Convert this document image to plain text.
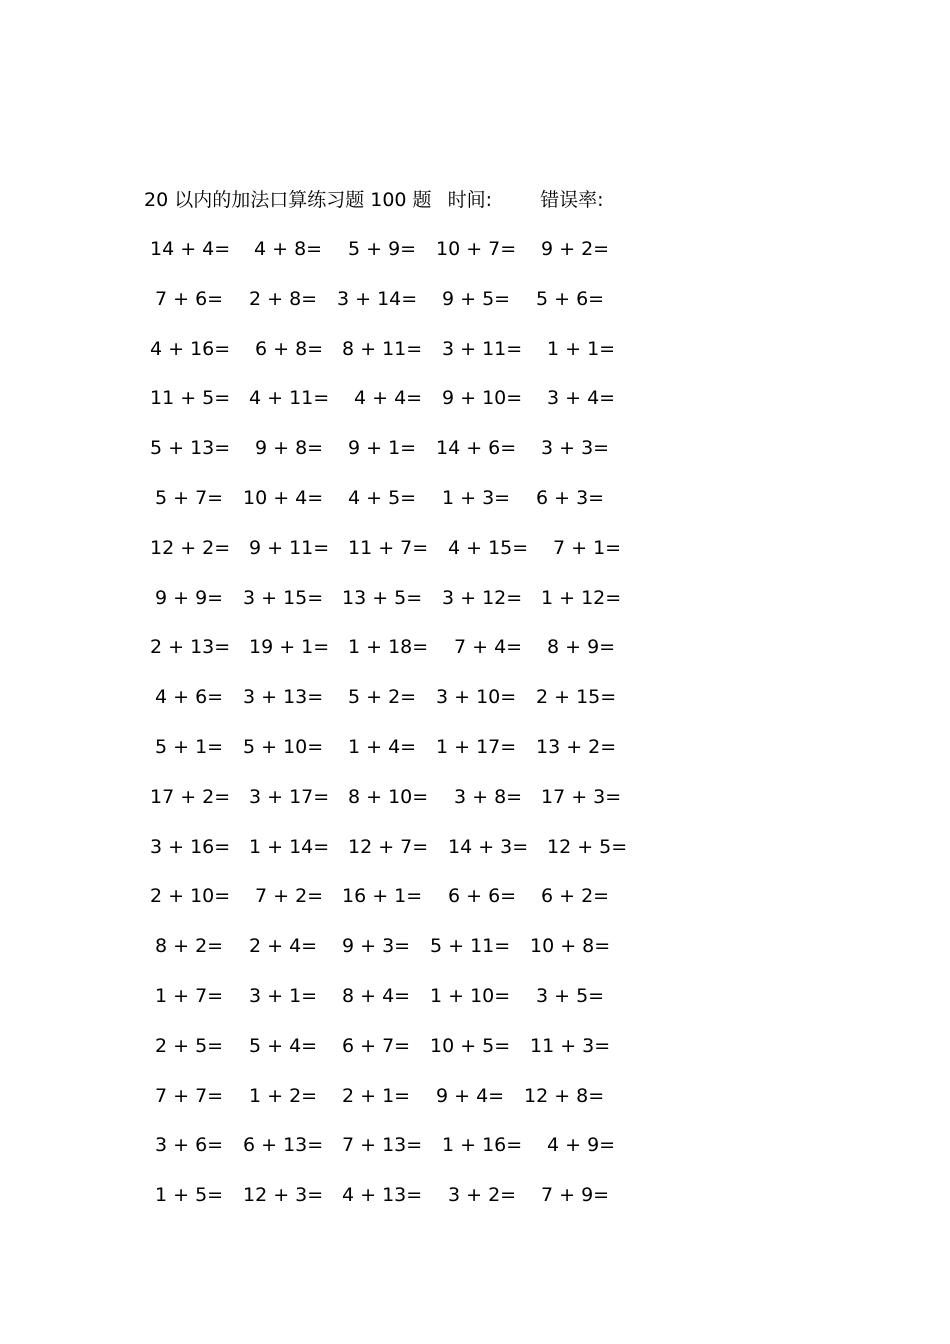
20 以内的加法口算练习题 100 题 时间:	错误率:
14 + 4= 4 + 8= 5 + 9= 10 + 7= 9 + 2=
7 + 6= 2 + 8= 3 + 14= 9 + 5= 5 + 6=
4 + 16= 6 + 8= 8 + 11= 3 + 11= 1 + 1=
11 + 5= 4 + 11= 4 + 4= 9 + 10= 3 + 4=
5 + 13= 9 + 8= 9 + 1= 14 + 6= 3 + 3=
5 + 7= 10 + 4= 4 + 5= 1 + 3= 6 + 3=
12 + 2= 9 + 11= 11 + 7= 4 + 15= 7 + 1=
9 + 9= 3 + 15= 13 + 5= 3 + 12= 1 + 12=
2 + 13= 19 + 1= 1 + 18= 7 + 4= 8 + 9=
4 + 6= 3 + 13= 5 + 2= 3 + 10= 2 + 15=
5 + 1= 5 + 10= 1 + 4= 1 + 17= 13 + 2=
17 + 2= 3 + 17= 8 + 10= 3 + 8= 17 + 3=
3 + 16= 1 + 14= 12 + 7= 14 + 3= 12 + 5=
2 + 10= 7 + 2= 16 + 1= 6 + 6= 6 + 2=
8 + 2= 2 + 4= 9 + 3= 5 + 11= 10 + 8=
1 + 7= 3 + 1= 8 + 4= 1 + 10= 3 + 5=
2 + 5= 5 + 4= 6 + 7= 10 + 5= 11 + 3=
7 + 7= 1 + 2= 2 + 1= 9 + 4= 12 + 8=
3 + 6= 6 + 13= 7 + 13= 1 + 16= 4 + 9=
1 + 5= 12 + 3= 4 + 13= 3 + 2= 7 + 9=
